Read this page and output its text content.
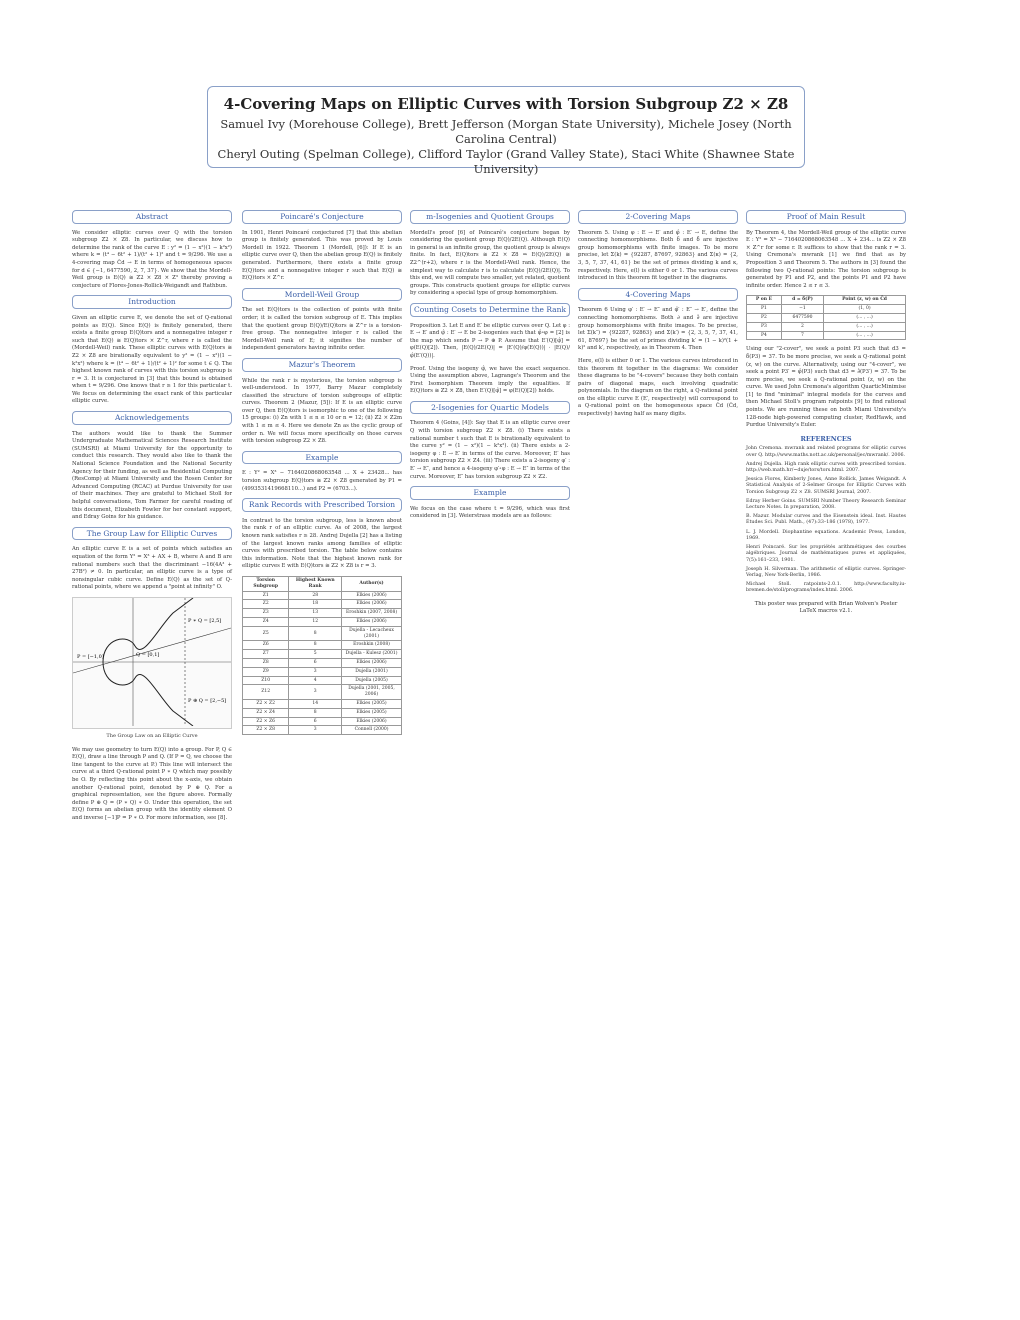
4-Covering Maps on Elliptic Curves with Torsion Subgroup Z2 × Z8
Samuel Ivy (Morehouse College), Brett Jefferson (Morgan State University), Michele Josey (North Carolina Central)
Cheryl Outing (Spelman College), Clifford Taylor (Grand Valley State), Staci White (Shawnee State University)
Abstract

We consider elliptic curves over Q with the torsion subgroup Z2 × Z8. In particular, we discuss how to determine the rank of the curve E : y² = (1 − x²)(1 − k²x²) where k = (t⁴ − 6t² + 1)/(t² + 1)² and t = 9/296. We use a 4-covering map C̃d → E in terms of homogeneous spaces for d ∈ {−1, 6477590, 2, 7, 37}. We show that the Mordell-Weil group is E(Q) ≅ Z2 × Z8 × Z³ thereby proving a conjecture of Flores-Jones-Rollick-Weigandt and Rathbun.

Introduction

Given an elliptic curve E, we denote the set of Q-rational points as E(Q). Since E(Q) is finitely generated, there exists a finite group E(Q)tors and a nonnegative integer r such that E(Q) ≅ E(Q)tors × Z^r, where r is called the (Mordell-Weil) rank. These elliptic curves with E(Q)tors ≅ Z2 × Z8 are birationally equivalent to y² = (1 − x²)(1 − k²x²) where k = (t⁴ − 6t² + 1)/(t² + 1)² for some t ∈ Q. The highest known rank of curves with this torsion subgroup is r = 3. It is conjectured in [3] that this bound is obtained when t = 9/296. One knows that r ≥ 1 for this particular t. We focus on determining the exact rank of this particular elliptic curve.

Acknowledgements

The authors would like to thank the Summer Undergraduate Mathematical Sciences Research Institute (SUMSRI) at Miami University for the opportunity to conduct this research. They would also like to thank the National Science Foundation and the National Security Agency for their funding, as well as Residential Computing (ResComp) at Miami University and the Rosen Center for Advanced Computing (RCAC) at Purdue University for use of their machines. They are grateful to Michael Stoll for helpful conversations, Tom Farmer for careful reading of this document, Elizabeth Fowler for her constant support, and Edray Goins for his guidance.

The Group Law for Elliptic Curves

An elliptic curve E is a set of points which satisfies an equation of the form Y² = X³ + AX + B, where A and B are rational numbers such that the discriminant −16(4A³ + 27B²) ≠ 0. In particular, an elliptic curve is a type of nonsingular cubic curve. Define E(Q) as the set of Q-rational points, where we append a "point at infinity" O.

P ∗ Q = [2,5]
P = [−1,0]	Q = [0,1]
P ⊕ Q = [2,−5]
The Group Law on an Elliptic Curve

We may use geometry to turn E(Q) into a group. For P, Q ∈ E(Q), draw a line through P and Q. (If P = Q, we choose the line tangent to the curve at P.) This line will intersect the curve at a third Q-rational point P ∗ Q which may possibly be O. By reflecting this point about the x-axis, we obtain another Q-rational point, denoted by P ⊕ Q. For a graphical representation, see the figure above. Formally define P ⊕ Q = (P ∗ Q) ∗ O. Under this operation, the set E(Q) forms an abelian group with the identity element O and inverse [−1]P = P ∗ O. For more information, see [8].

Poincaré's Conjecture

In 1901, Henri Poincaré conjectured [7] that this abelian group is finitely generated. This was proved by Louis Mordell in 1922. Theorem 1 (Mordell, [6]): If E is an elliptic curve over Q, then the abelian group E(Q) is finitely generated. Furthermore, there exists a finite group E(Q)tors and a nonnegative integer r such that E(Q) ≅ E(Q)tors × Z^r.

Mordell-Weil Group

The set E(Q)tors is the collection of points with finite order; it is called the torsion subgroup of E. This implies that the quotient group E(Q)/E(Q)tors ≅ Z^r is a torsion-free group. The nonnegative integer r is called the Mordell-Weil rank of E; it signifies the number of independent generators having infinite order.

Mazur's Theorem

While the rank r is mysterious, the torsion subgroup is well-understood. In 1977, Barry Mazur completely classified the structure of torsion subgroups of elliptic curves. Theorem 2 (Mazur, [5]): If E is an elliptic curve over Q, then E(Q)tors is isomorphic to one of the following 15 groups: (i) Zn with 1 ≤ n ≤ 10 or n = 12; (ii) Z2 × Z2m with 1 ≤ m ≤ 4. Here we denote Zn as the cyclic group of order n. We will focus more specifically on those curves with torsion subgroup Z2 × Z8.

Example

E : Y² = X³ − 7164020868063548 ... X + 23428... has torsion subgroup E(Q)tors ≅ Z2 × Z8 generated by P1 = (4993531419668110...) and P2 = (6703...).

Rank Records with Prescribed Torsion

In contrast to the torsion subgroup, less is known about the rank r of an elliptic curve. As of 2008, the largest known rank satisfies r ≥ 28. Andrej Dujella [2] has a listing of the largest known ranks among families of elliptic curves with prescribed torsion. The table below contains this information. Note that the highest known rank for elliptic curves E with E(Q)tors ≅ Z2 × Z8 is r = 3.

Torsion Subgroup	Highest Known Rank	Author(s)
Z1	28	Elkies (2006)
Z2	18	Elkies (2006)
Z3	13	Eroshkin (2007, 2008)
Z4	12	Elkies (2006)
Z5	8	Dujella - Lecacheux (2001)
Z6	8	Eroshkin (2008)
Z7	5	Dujella - Kulesz (2001)
Z8	6	Elkies (2006)
Z9	3	Dujella (2001)
Z10	4	Dujella (2005)
Z12	3	Dujella (2001, 2005, 2006)
Z2 × Z2	14	Elkies (2005)
Z2 × Z4	8	Elkies (2005)
Z2 × Z6	6	Elkies (2006)
Z2 × Z8	3	Connell (2000)
m-Isogenies and Quotient Groups

Mordell's proof [6] of Poincaré's conjecture began by considering the quotient group E(Q)/2E(Q). Although E(Q) in general is an infinite group, the quotient group is always finite. In fact, E(Q)tors ≅ Z2 × Z8 ⇒ E(Q)/2E(Q) ≅ Z2^(r+2), where r is the Mordell-Weil rank. Hence, the simplest way to calculate r is to calculate |E(Q)/2E(Q)|. To this end, we will compute two smaller, yet related, quotient groups. This constructs quotient groups for elliptic curves by considering a special type of group homomorphism.

Counting Cosets to Determine the Rank

Proposition 3. Let E and E′ be elliptic curves over Q. Let φ : E → E′ and φ̂ : E′ → E be 2-isogenies such that φ̂∘φ = [2] is the map which sends P → P ⊕ P. Assume that E′(Q)[φ̂] = φ(E(Q)[2]). Then, |E(Q)/2E(Q)| = |E′(Q)/φ(E(Q))| · |E(Q)/φ̂(E′(Q))|.

Proof. Using the isogeny φ̂, we have the exact sequence. Using the assumption above, Lagrange's Theorem and the First Isomorphism Theorem imply the equalities. If E(Q)tors ≅ Z2 × Z8, then E′(Q)[φ̂] = φ(E(Q)[2]) holds.

2-Isogenies for Quartic Models

Theorem 4 (Goins, [4]): Say that E is an elliptic curve over Q with torsion subgroup Z2 × Z8. (i) There exists a rational number t such that E is birationally equivalent to the curve y² = (1 − x²)(1 − k²x²). (ii) There exists a 2-isogeny φ : E → E′ in terms of the curve. Moreover, E′ has torsion subgroup Z2 × Z4. (iii) There exists a 2-isogeny φ′ : E′ → E″, and hence a 4-isogeny φ′∘φ : E → E″ in terms of the curve. Moreover, E″ has torsion subgroup Z2 × Z2.

Example

We focus on the case where t = 9/296, which was first considered in [3]. Weierstrass models are as follows:

2-Covering Maps

Theorem 5. Using φ : E → E′ and φ̂ : E′ → E, define the connecting homomorphisms. Both δ and δ̂ are injective group homomorphisms with finite images. To be more precise, let Σ(k) = {92287, 87697, 92863} and Σ(κ) = {2, 3, 5, 7, 37, 41, 61} be the set of primes dividing k and κ, respectively. Here, e(l) is either 0 or 1. The various curves introduced in this theorem fit together in the diagrams.

4-Covering Maps

Theorem 6 Using φ′ : E′ → E″ and φ̂′ : E″ → E′, define the connecting homomorphisms. Both ∂ and ∂̂ are injective group homomorphisms with finite images. To be precise, let Σ(k″) = {92287, 92863} and Σ(k′) = {2, 3, 5, 7, 37, 41, 61, 87697} be the set of primes dividing k′ = (1 − k)²(1 + k)² and k′, respectively, as in Theorem 4. Then

Here, e(l) is either 0 or 1. The various curves introduced in this theorem fit together in the diagrams: We consider these diagrams to be "4-covers" because they both contain pairs of diagonal maps, each involving quadratic polynomials. In the diagram on the right, a Q-rational point on the elliptic curve E (E′, respectively) will correspond to a Q-rational point on the homogeneous space C̃d (C̃d, respectively) having half as many digits.

Proof of Main Result

By Theorem 4, the Mordell-Weil group of the elliptic curve E : Y² = X³ − 7164020868063548 ... X + 234... is Z2 × Z8 × Z^r for some r. It suffices to show that the rank r = 3. Using Cremona's mwrank [1] we find that as by Proposition 3 and Theorem 5. The authors in [3] found the following two Q-rational points: The torsion subgroup is generated by P1 and P2, and the points P1 and P2 have infinite order. Hence 2 ≤ r ≤ 3.

P on E	d = δ̂(P)	Point (z, w) on C̃d
P1	−1	(1, 0)
P2	6477590	(... , ...)
P3	2	(... , ...)
P4	7	(... , ...)

Using our "2-cover", we seek a point P3 such that d3 = δ̂(P3) = 37. To be more precise, we seek a Q-rational point (z, w) on the curve. Alternatively, using our "4-cover", we seek a point P3′ = φ̂(P3) such that d3 = ∂̂(P3′) = 37. To be more precise, we seek a Q-rational point (z, w) on the curve. We used John Cremona's algorithm QuarticMinimise [1] to find "minimal" integral models for the curves and then Michael Stoll's program ratpoints [9] to find rational points. We are running these on both Miami University's 128-node high-powered computing cluster, RedHawk, and Purdue University's Euler.

REFERENCES

John Cremona. mwrank and related programs for elliptic curves over Q. http://www.maths.nott.ac.uk/personal/jec/mwrank/. 2006.

Andrej Dujella. High rank elliptic curves with prescribed torsion. http://web.math.hr/~duje/tors/tors.html. 2007.

Jessica Flores, Kimberly Jones, Anne Rollick, James Weigandt. A Statistical Analysis of 2-Selmer Groups for Elliptic Curves with Torsion Subgroup Z2 × Z8. SUMSRI Journal, 2007.

Edray Herber Goins. SUMSRI Number Theory Research Seminar Lecture Notes. In preparation, 2008.

B. Mazur. Modular curves and the Eisenstein ideal. Inst. Hautes Études Sci. Publ. Math., (47):33–186 (1978), 1977.

L. J. Mordell. Diophantine equations. Academic Press, London, 1969.

Henri Poincaré. Sur les propriétés arithmétiques des courbes algébriques. Journal de mathématiques pures et appliquées, 7(5):161–233, 1901.

Joseph H. Silverman. The arithmetic of elliptic curves. Springer-Verlag, New York-Berlin, 1986.

Michael Stoll. ratpoints-2.0.1. http://www.faculty.iu-bremen.de/stoll/programs/index.html. 2006.

This poster was prepared with Brian Wolven's Poster LaTeX macros v2.1.
